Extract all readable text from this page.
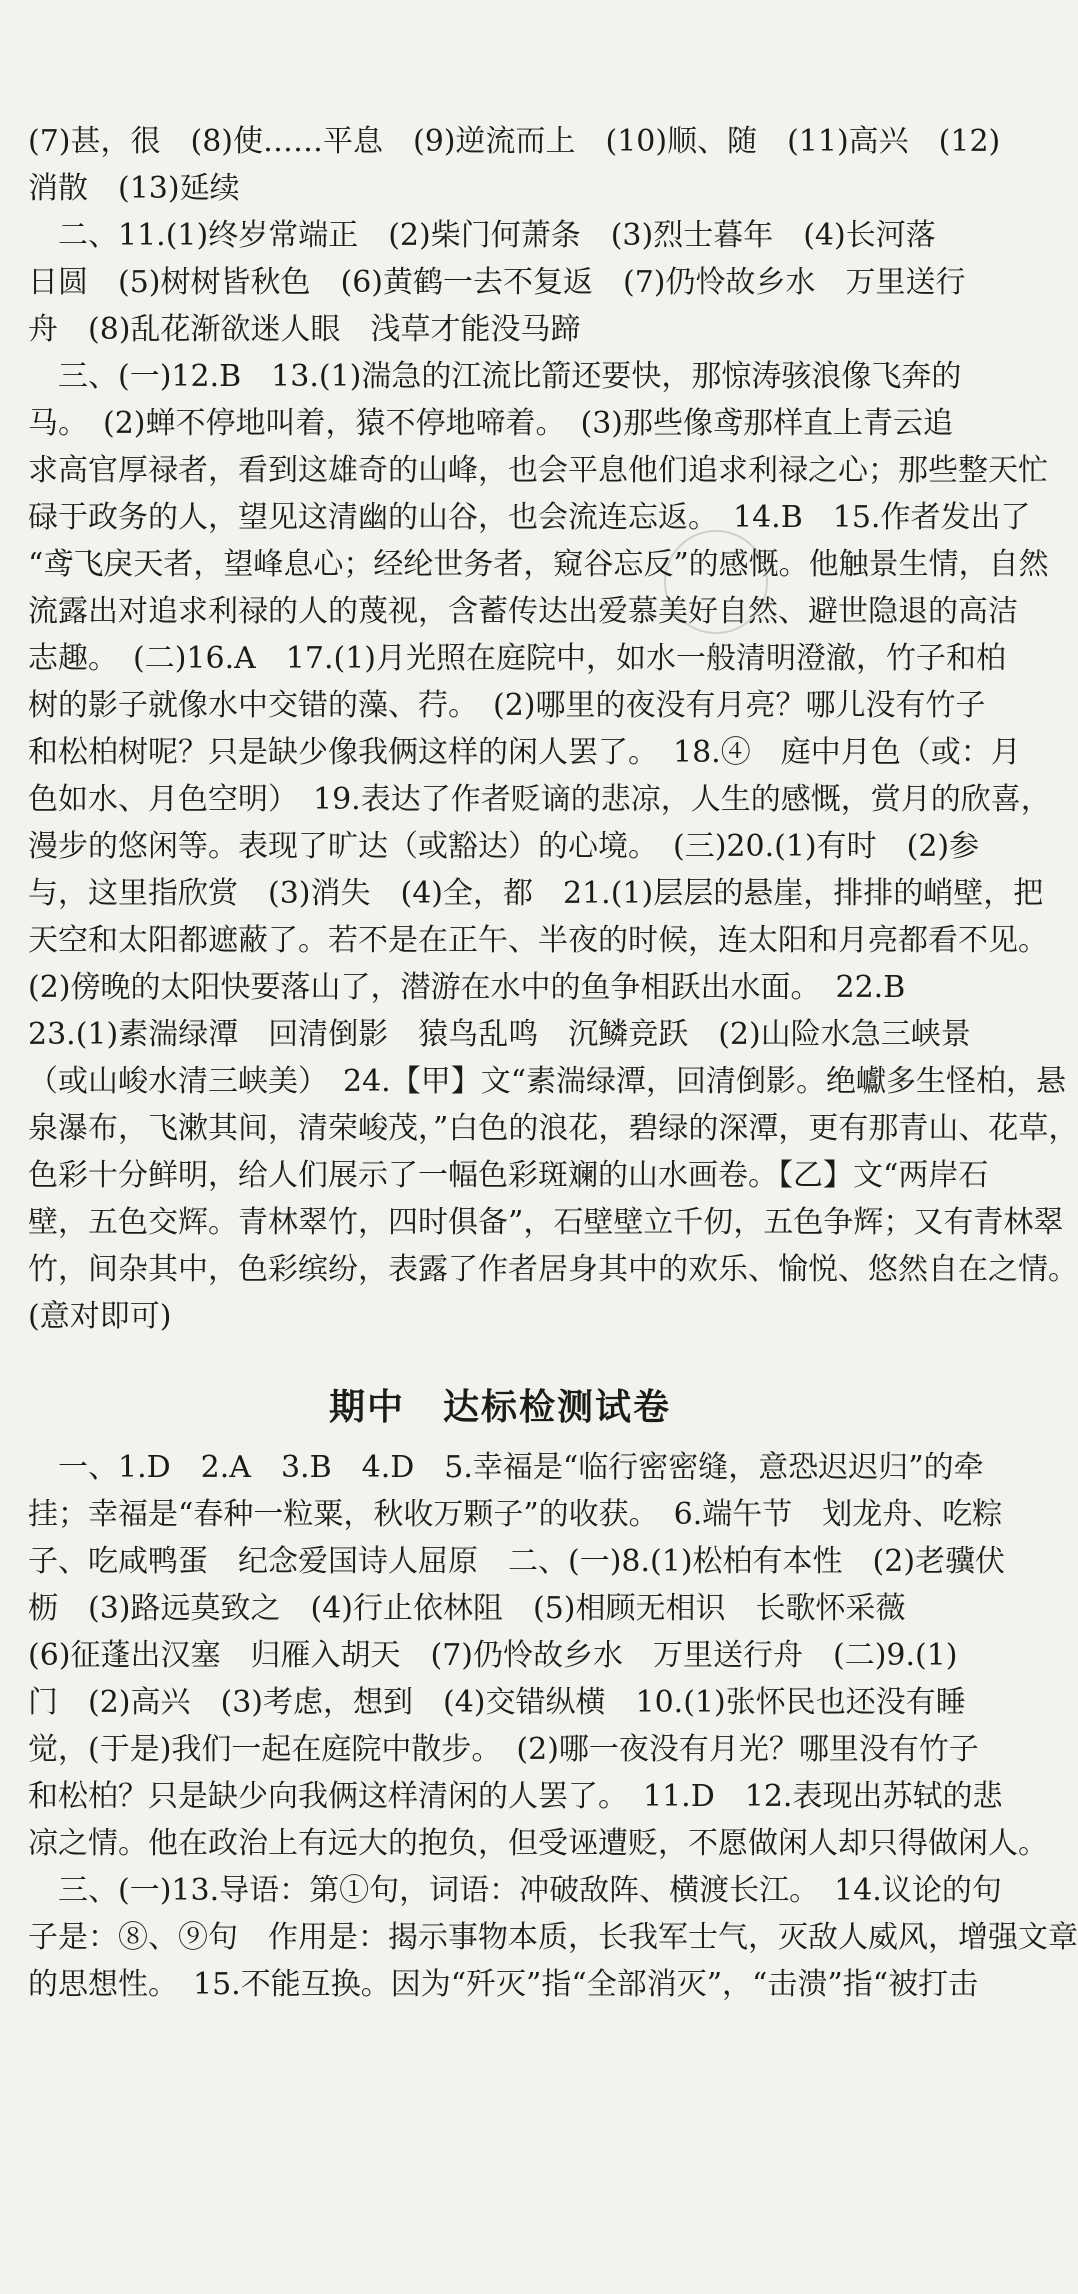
(7)甚，很　(8)使……平息　(9)逆流而上　(10)顺、随　(11)高兴　(12)
消散　(13)延续
　二、11.(1)终岁常端正　(2)柴门何萧条　(3)烈士暮年　(4)长河落
日圆　(5)树树皆秋色　(6)黄鹤一去不复返　(7)仍怜故乡水　万里送行
舟　(8)乱花渐欲迷人眼　浅草才能没马蹄
　三、(一)12.B　13.(1)湍急的江流比箭还要快，那惊涛骇浪像飞奔的
马。　(2)蝉不停地叫着，猿不停地啼着。　(3)那些像鸢那样直上青云追
求高官厚禄者，看到这雄奇的山峰，也会平息他们追求利禄之心；那些整天忙
碌于政务的人，望见这清幽的山谷，也会流连忘返。　14.B　15.作者发出了
“鸢飞戾天者，望峰息心；经纶世务者，窥谷忘反”的感慨。他触景生情，自然
流露出对追求利禄的人的蔑视，含蓄传达出爱慕美好自然、避世隐退的高洁
志趣。　(二)16.A　17.(1)月光照在庭院中，如水一般清明澄澈，竹子和柏
树的影子就像水中交错的藻、荇。　(2)哪里的夜没有月亮？哪儿没有竹子
和松柏树呢？只是缺少像我俩这样的闲人罢了。　18.④　庭中月色（或：月
色如水、月色空明）　19.表达了作者贬谪的悲凉，人生的感慨，赏月的欣喜，
漫步的悠闲等。表现了旷达（或豁达）的心境。　(三)20.(1)有时　(2)参
与，这里指欣赏　(3)消失　(4)全，都　21.(1)层层的悬崖，排排的峭壁，把
天空和太阳都遮蔽了。若不是在正午、半夜的时候，连太阳和月亮都看不见。
(2)傍晚的太阳快要落山了，潜游在水中的鱼争相跃出水面。　22.B
23.(1)素湍绿潭　回清倒影　猿鸟乱鸣　沉鳞竞跃　(2)山险水急三峡景
（或山峻水清三峡美）　24.【甲】文“素湍绿潭，回清倒影。绝巘多生怪柏，悬
泉瀑布，飞漱其间，清荣峻茂，”白色的浪花，碧绿的深潭，更有那青山、花草，
色彩十分鲜明，给人们展示了一幅色彩斑斓的山水画卷。【乙】文“两岸石
壁，五色交辉。青林翠竹，四时俱备”，石壁壁立千仞，五色争辉；又有青林翠
竹，间杂其中，色彩缤纷，表露了作者居身其中的欢乐、愉悦、悠然自在之情。
(意对即可)
期中　达标检测试卷
　一、1.D　2.A　3.B　4.D　5.幸福是“临行密密缝，意恐迟迟归”的牵
挂；幸福是“春种一粒粟，秋收万颗子”的收获。　6.端午节　划龙舟、吃粽
子、吃咸鸭蛋　纪念爱国诗人屈原　二、(一)8.(1)松柏有本性　(2)老骥伏
枥　(3)路远莫致之　(4)行止依林阻　(5)相顾无相识　长歌怀采薇
(6)征蓬出汉塞　归雁入胡天　(7)仍怜故乡水　万里送行舟　(二)9.(1)
门　(2)高兴　(3)考虑，想到　(4)交错纵横　10.(1)张怀民也还没有睡
觉，(于是)我们一起在庭院中散步。　(2)哪一夜没有月光？哪里没有竹子
和松柏？只是缺少向我俩这样清闲的人罢了。　11.D　12.表现出苏轼的悲
凉之情。他在政治上有远大的抱负，但受诬遭贬，不愿做闲人却只得做闲人。
　三、(一)13.导语：第①句，词语：冲破敌阵、横渡长江。　14.议论的句
子是：⑧、⑨句　作用是：揭示事物本质，长我军士气，灭敌人威风，增强文章
的思想性。　15.不能互换。因为“歼灭”指“全部消灭”，“击溃”指“被打击
